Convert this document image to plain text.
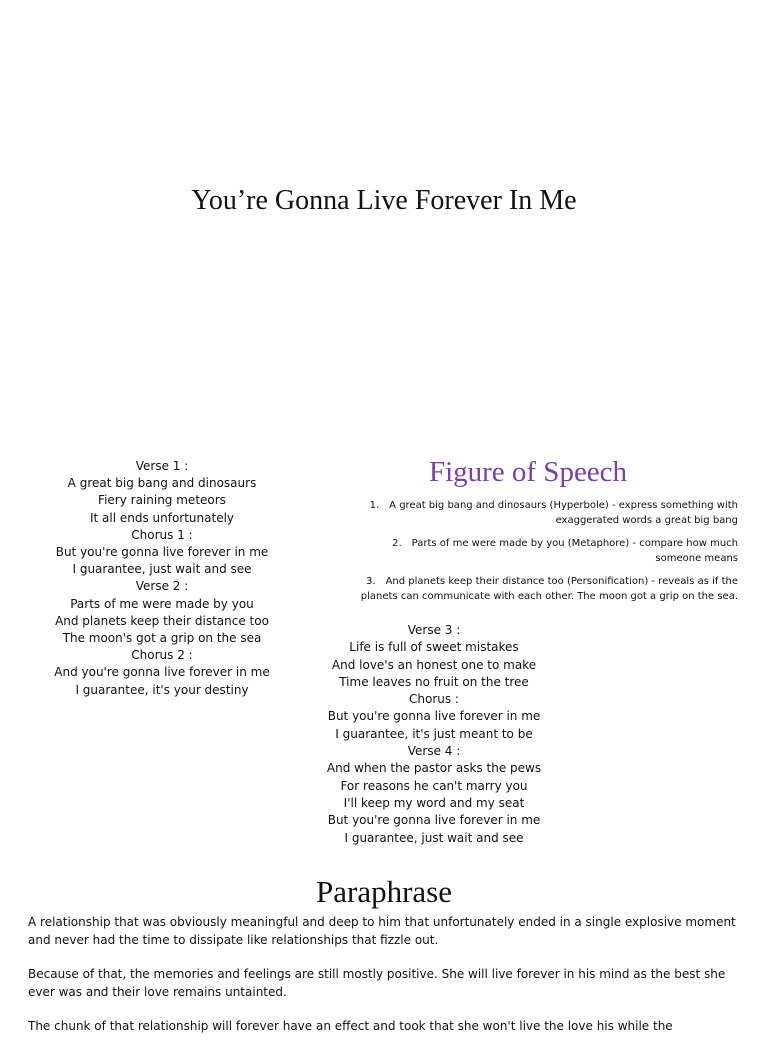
You’re Gonna Live Forever In Me
Verse 1 :
A great big bang and dinosaurs
Fiery raining meteors
It all ends unfortunately
Chorus 1 :
But you're gonna live forever in me
I guarantee, just wait and see
Verse 2 :
Parts of me were made by you
And planets keep their distance too
The moon's got a grip on the sea
Chorus 2 :
And you're gonna live forever in me
I guarantee, it's your destiny
Figure of Speech
1. A great big bang and dinosaurs (Hyperbole) - express something with
exaggerated words a great big bang
2. Parts of me were made by you (Metaphore) - compare how much
someone means
3. And planets keep their distance too (Personification) - reveals as if the
planets can communicate with each other. The moon got a grip on the sea.
Verse 3 :
Life is full of sweet mistakes
And love's an honest one to make
Time leaves no fruit on the tree
Chorus :
But you're gonna live forever in me
I guarantee, it's just meant to be
Verse 4 :
And when the pastor asks the pews
For reasons he can't marry you
I'll keep my word and my seat
But you're gonna live forever in me
I guarantee, just wait and see
Paraphrase

A relationship that was obviously meaningful and deep to him that unfortunately ended in a single explosive moment and never had the time to dissipate like relationships that fizzle out.

Because of that, the memories and feelings are still mostly positive. She will live forever in his mind as the best she ever was and their love remains untainted.

The chunk of that relationship will forever have an effect and took that she won't live the love his while the
